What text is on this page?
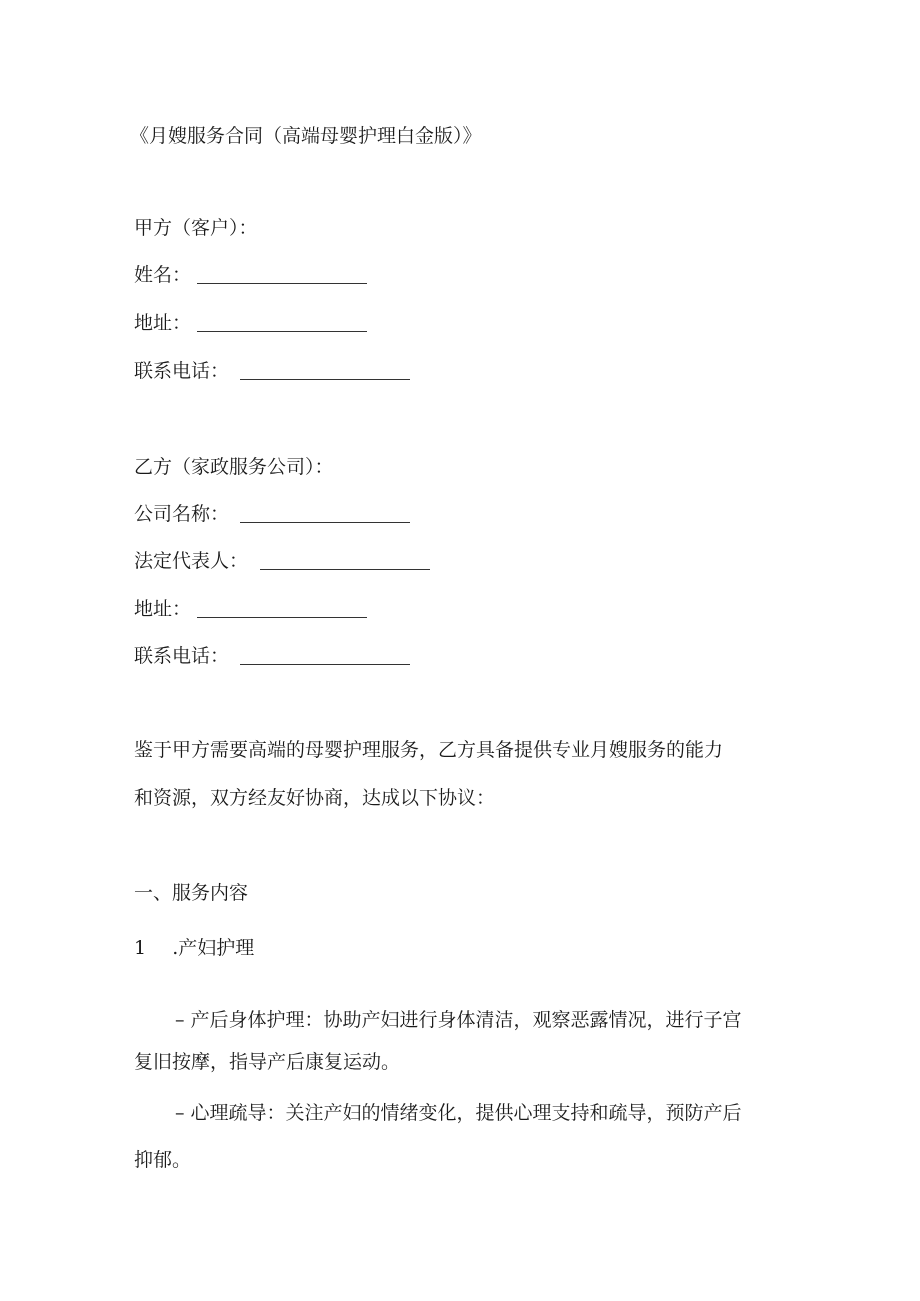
《月嫂服务合同（高端母婴护理白金版）》
甲方（客户）：
姓名：
地址：
联系电话：
乙方（家政服务公司）：
公司名称：
法定代表人：
地址：
联系电话：
鉴于甲方需要高端的母婴护理服务，乙方具备提供专业月嫂服务的能力
和资源，双方经友好协商，达成以下协议：
一、服务内容
1 .产妇护理
– 产后身体护理：协助产妇进行身体清洁，观察恶露情况，进行子宫
复旧按摩，指导产后康复运动。
– 心理疏导：关注产妇的情绪变化，提供心理支持和疏导，预防产后
抑郁。
